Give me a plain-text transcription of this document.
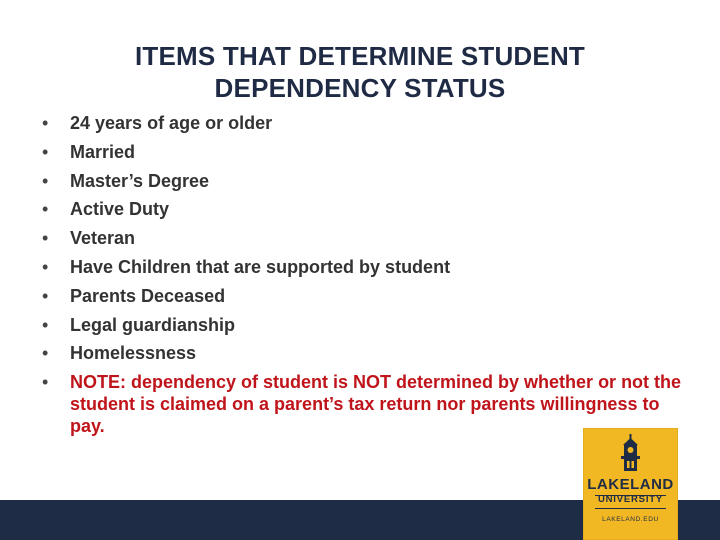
ITEMS THAT DETERMINE STUDENT
DEPENDENCY STATUS
• 24 years of age or older
• Married
• Master’s Degree
• Active Duty
• Veteran
• Have Children that are supported by student
• Parents Deceased
• Legal guardianship
• Homelessness
• NOTE: dependency of student is NOT determined by whether or not the student is claimed on a parent’s tax return nor parents willingness to pay.
LAKELAND
UNIVERSITY
LAKELAND.EDU
